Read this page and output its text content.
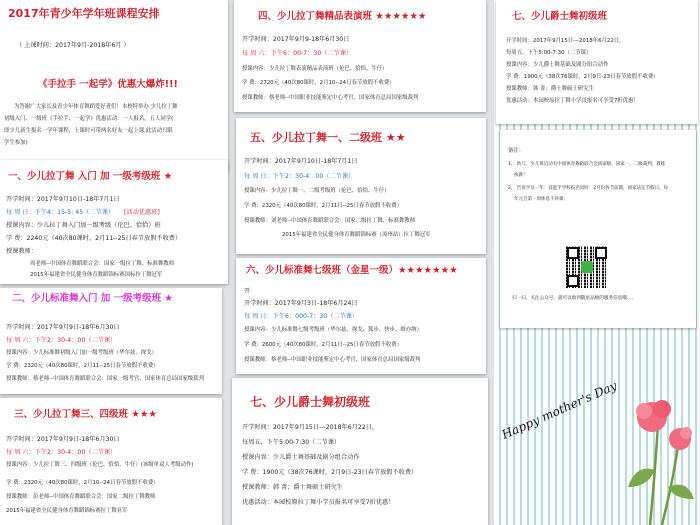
2017年青少年学年班课程安排
（ 上课时间：2017年9月-2018年6月 ）
《手拉手 一起学》优惠大爆炸!!!
为答谢广大家长及青少年体育舞蹈爱好者们！本校特举办 少儿拉丁舞
初级入门、一级班《手拉手、一起学》优惠活动：一人报名，五人同学(
即少儿新生报名一学年课程，上课时可带两名好友一起上课,此活动只限
学生参加)
一、少儿拉丁舞 入门 加 一级考级班 ★
开学时间：2017年9月10日-18年7月1日
每 周 日：下午4：15-5: 45（二节课） [活动优惠班]
授课内容：少儿拉丁舞入门加一级考级（伦巴、恰恰）班
学 费：2240元（40次80课时，2月11--25日春节放假不收费）
授课教师：
周老师--中国体育舞蹈联合会：国家一级拉丁舞、标准舞教师
2015年福建省全民健身体育舞蹈锦标赛国标拉丁舞冠军
二、少儿标准舞入门 加 一级考级班 ★
开学时间：2017年9月9日-18年6月30日
每 周 六：下午2：30-4：00（二节课）
授课内容：少儿标准舞初级入门加一级考级班（华尔兹、探戈）
学 费：2320元（40次80课时，2月11--25日春节放假不收费）
授课教师：蔡老师--中国体育舞蹈联合会：国家一级考官、国家体育总局国家级裁判
三、少儿拉丁舞三、四级班 ★★★
开学时间：2017年9月9日-18年6月30日
每 周 六：下午2：30-4：00（二节课）
授课内容：少儿拉丁舞三、四级班（伦巴、恰恰、牛仔）(该级单双人考级动作)
学 费：2320元（40次80课时，2月10--24日春节放假不收费）
授课教师：彭老师--中国体育舞蹈联合会：国家二级拉丁舞教师
2015年福建省全民健身体育舞蹈锦标赛拉丁舞亚军
四、少儿拉丁舞精品表演班 ★★★★★★
开学时间：2017年9月9-18年6月30日
每 周 六：下午6：00-7：30（二节课）
授课内容：少儿拉丁舞表演精品表演班（伦巴、恰恰、牛仔）
学 费：2720元（40次80课时，2月10--24日春节放假不收费）
授课教师：蔡老师--中国职业技能鉴定中心考官、国家体育总局国家级裁判
五、少儿拉丁舞一、二级班 ★★
开学时间：2017年9月10日-18年7月1日
每 周 日：下午2：30-4：00（二节课）
授课内容：少儿拉丁舞一、二级考级班（伦巴、恰恰、牛仔）
学 费：2320元（40次80课时，2月11日--25日春节放假不收费）
授课教师：刘老师--中国体育舞蹈联合会：国家二级拉丁舞、标准舞教师
2015年福建省全民健身体育舞蹈锦标赛（漳州站）拉丁舞冠军
六、少儿标准舞七级班（金星一级）★★★★★★★
开
开学时间：2017年9月3日-18年6月24日
每 周 日：下午6：000-7：30（二节课）
授课内容：少儿标准舞七级考级班（华尔兹、探戈、狐步、快步、维亦纳）
学 费：2600元（40次80课时，2月11日--25日春节放假不收费）
授课教师：蔡老师--中国职业技能鉴定中心考官、国家体育总局国家级裁判
七、少儿爵士舞初级班
开学时间：2017年9月15日---2018年6月22日，
每周五，下午5:00-7:30（二节课）
授课内容：少儿爵士舞基础及剧分组合动作
学 费：1900元（38次76课时，2月9日-23日春节放假不收费）
授课教师：韩 菁；爵士舞硕士研究生
优惠活动：本园校原拉丁舞小学员报名可享受7折优惠！
七、少儿爵士舞初级班
开学时间：2017年9月15日---2018年6月22日,
每周五，下午5:00-7:30（二节课）
授课内容：少儿爵士舞基础及剧分组合动作
学 费：1900元（38次76课时，2月9日-23日春节放假不收费）
授课教师：韩 菁；爵士舞硕士研究生
优惠活动：本园校原拉丁舞小学员报名可享受7折优惠！
备注：
1、 幼儿、少儿班启动有中国体育舞蹈联合会国家级、国家一、二级裁判、教练
执教！
2、 告诉学员一年：技能手学校报名同时：2月份各节前期，国家法定节假日，每
年元旦第一周休息不补课；
扫一扫，关注公众号，就可以收到随星品级的服务信息哦、、、
Happy mother's Day
